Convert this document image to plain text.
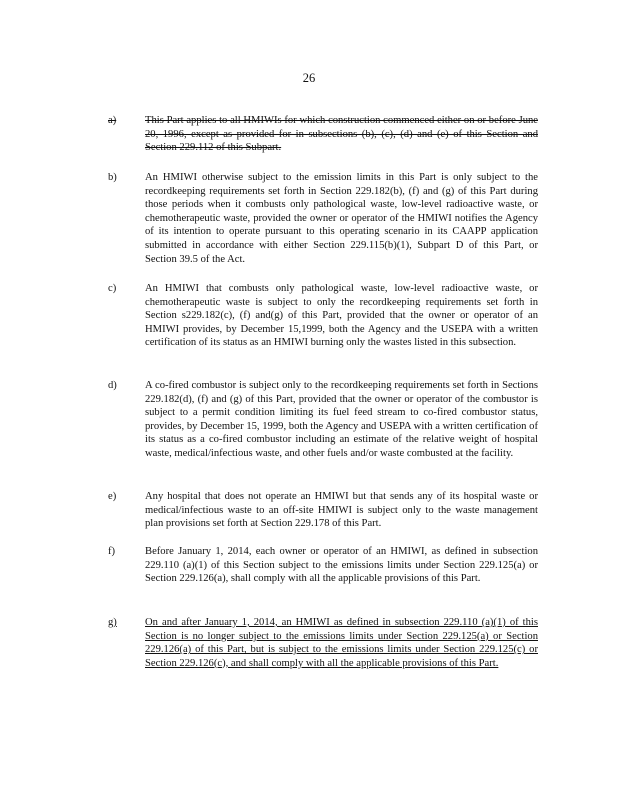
26
a)	This Part applies to all HMIWIs for which construction commenced either on or before June 20, 1996, except as provided for in subsections (b), (c), (d) and (e) of this Section and Section 229.112 of this Subpart.
b)	An HMIWI otherwise subject to the emission limits in this Part is only subject to the recordkeeping requirements set forth in Section 229.182(b), (f) and (g) of this Part during those periods when it combusts only pathological waste, low-level radioactive waste, or chemotherapeutic waste, provided the owner or operator of the HMIWI notifies the Agency of its intention to operate pursuant to this operating scenario in its CAAPP application submitted in accordance with either Section 229.115(b)(1), Subpart D of this Part, or Section 39.5 of the Act.
c)	An HMIWI that combusts only pathological waste, low-level radioactive waste, or chemotherapeutic waste is subject to only the recordkeeping requirements set forth in Section s229.182(c), (f) and(g) of this Part, provided that the owner or operator of an HMIWI provides, by December 15,1999, both the Agency and the USEPA with a written certification of its status as an HMIWI burning only the wastes listed in this subsection.
d)	A co-fired combustor is subject only to the recordkeeping requirements set forth in Sections 229.182(d), (f) and (g) of this Part, provided that the owner or operator of the combustor is subject to a permit condition limiting its fuel feed stream to co-fired combustor status, provides, by December 15, 1999, both the Agency and USEPA with a written certification of its status as a co-fired combustor including an estimate of the relative weight of hospital waste, medical/infectious waste, and other fuels and/or waste combusted at the facility.
e)	Any hospital that does not operate an HMIWI but that sends any of its hospital waste or medical/infectious waste to an off-site HMIWI is subject only to the waste management plan provisions set forth at Section 229.178 of this Part.
f)	Before January 1, 2014, each owner or operator of an HMIWI, as defined in subsection 229.110 (a)(1) of this Section subject to the emissions limits under Section 229.125(a) or Section 229.126(a), shall comply with all the applicable provisions of this Part.
g)	On and after January 1, 2014, an HMIWI as defined in subsection 229.110 (a)(1) of this Section is no longer subject to the emissions limits under Section 229.125(a) or Section 229.126(a) of this Part, but is subject to the emissions limits under Section 229.125(c) or Section 229.126(c), and shall comply with all the applicable provisions of this Part.
